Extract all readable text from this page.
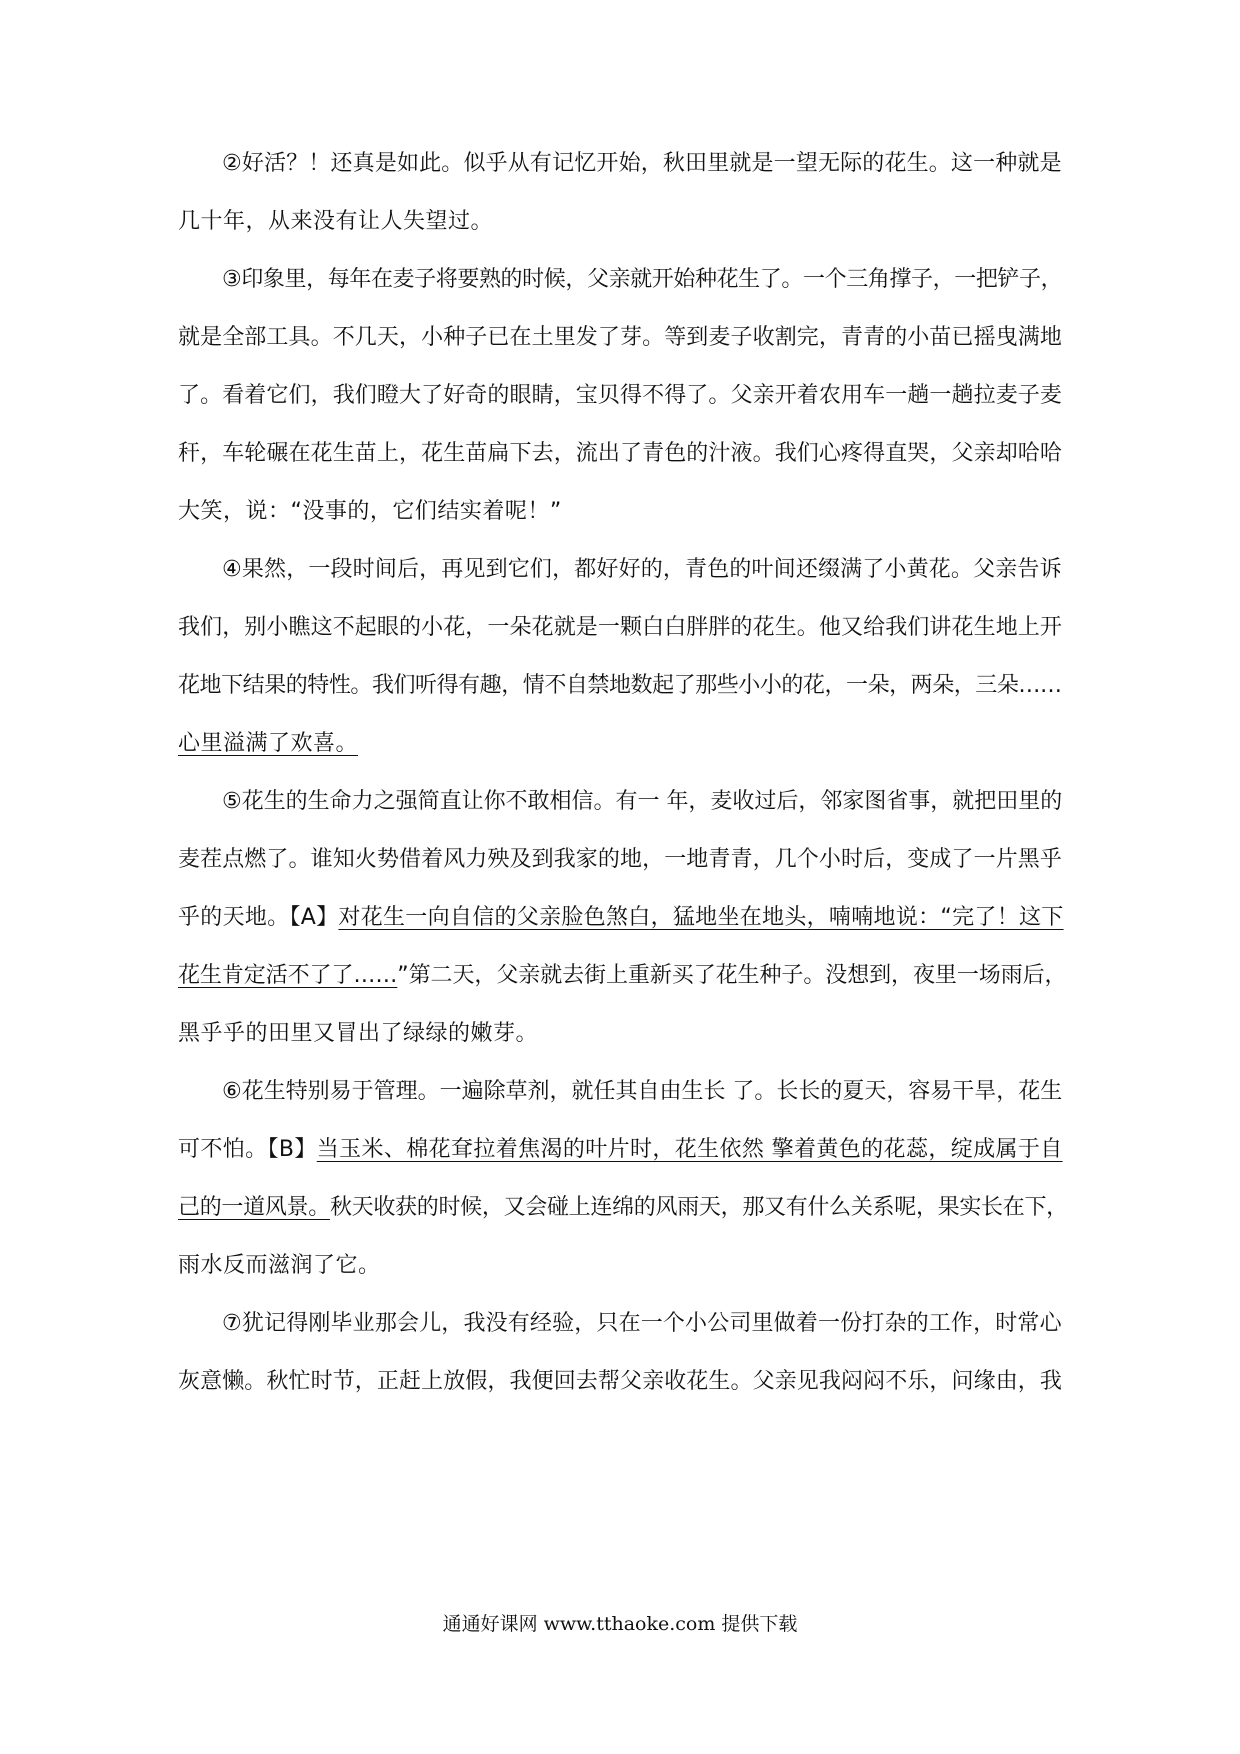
②好活？！还真是如此。似乎从有记忆开始，秋田里就是一望无际的花生。这一种就是
几十年，从来没有让人失望过。
③印象里，每年在麦子将要熟的时候，父亲就开始种花生了。一个三角撑子，一把铲子，
就是全部工具。不几天，小种子已在土里发了芽。等到麦子收割完，青青的小苗已摇曳满地
了。看着它们，我们瞪大了好奇的眼睛，宝贝得不得了。父亲开着农用车一趟一趟拉麦子麦
秆，车轮碾在花生苗上，花生苗扁下去，流出了青色的汁液。我们心疼得直哭，父亲却哈哈
大笑，说：“没事的，它们结实着呢！”
④果然，一段时间后，再见到它们，都好好的，青色的叶间还缀满了小黄花。父亲告诉
我们，别小瞧这不起眼的小花，一朵花就是一颗白白胖胖的花生。他又给我们讲花生地上开
花地下结果的特性。我们听得有趣，情不自禁地数起了那些小小的花，一朵，两朵，三朵……
心里溢满了欢喜。
⑤花生的生命力之强简直让你不敢相信。有一 年，麦收过后，邻家图省事，就把田里的
麦茬点燃了。谁知火势借着风力殃及到我家的地，一地青青，几个小时后，变成了一片黑乎
乎的天地。【A】对花生一向自信的父亲脸色煞白，猛地坐在地头，喃喃地说：“完了！这下
花生肯定活不了了……”第二天，父亲就去街上重新买了花生种子。没想到，夜里一场雨后，
黑乎乎的田里又冒出了绿绿的嫩芽。
⑥花生特别易于管理。一遍除草剂，就任其自由生长 了。长长的夏天，容易干旱，花生
可不怕。【B】当玉米、棉花耷拉着焦渴的叶片时，花生依然 擎着黄色的花蕊，绽成属于自
己的一道风景。秋天收获的时候，又会碰上连绵的风雨天，那又有什么关系呢，果实长在下，
雨水反而滋润了它。
⑦犹记得刚毕业那会儿，我没有经验，只在一个小公司里做着一份打杂的工作，时常心
灰意懒。秋忙时节，正赶上放假，我便回去帮父亲收花生。父亲见我闷闷不乐，问缘由，我
通通好课网 www.tthaoke.com 提供下载
